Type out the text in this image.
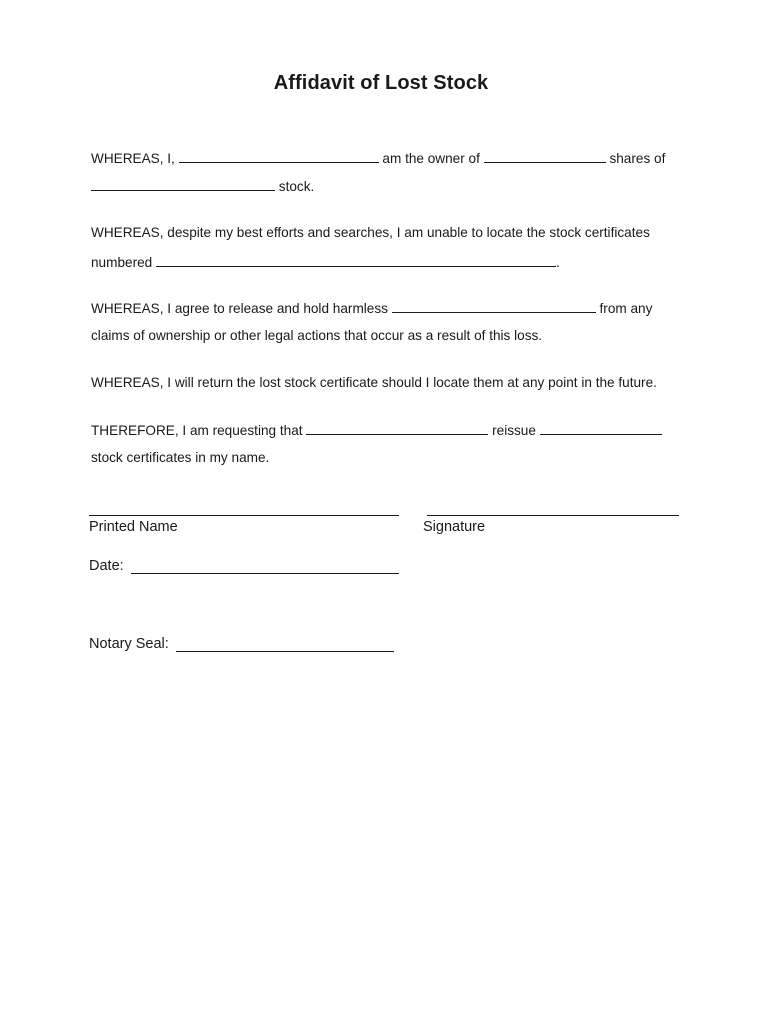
Affidavit of Lost Stock

WHEREAS, I,	am the owner of	shares of

stock.

WHEREAS, despite my best efforts and searches, I am unable to locate the stock certificates

numbered	.

WHEREAS, I agree to release and hold harmless	from any

claims of ownership or other legal actions that occur as a result of this loss.

WHEREAS, I will return the lost stock certificate should I locate them at any point in the future.

THEREFORE, I am requesting that	reissue

stock certificates in my name.

Printed Name	Signature

Date:

Notary Seal:
